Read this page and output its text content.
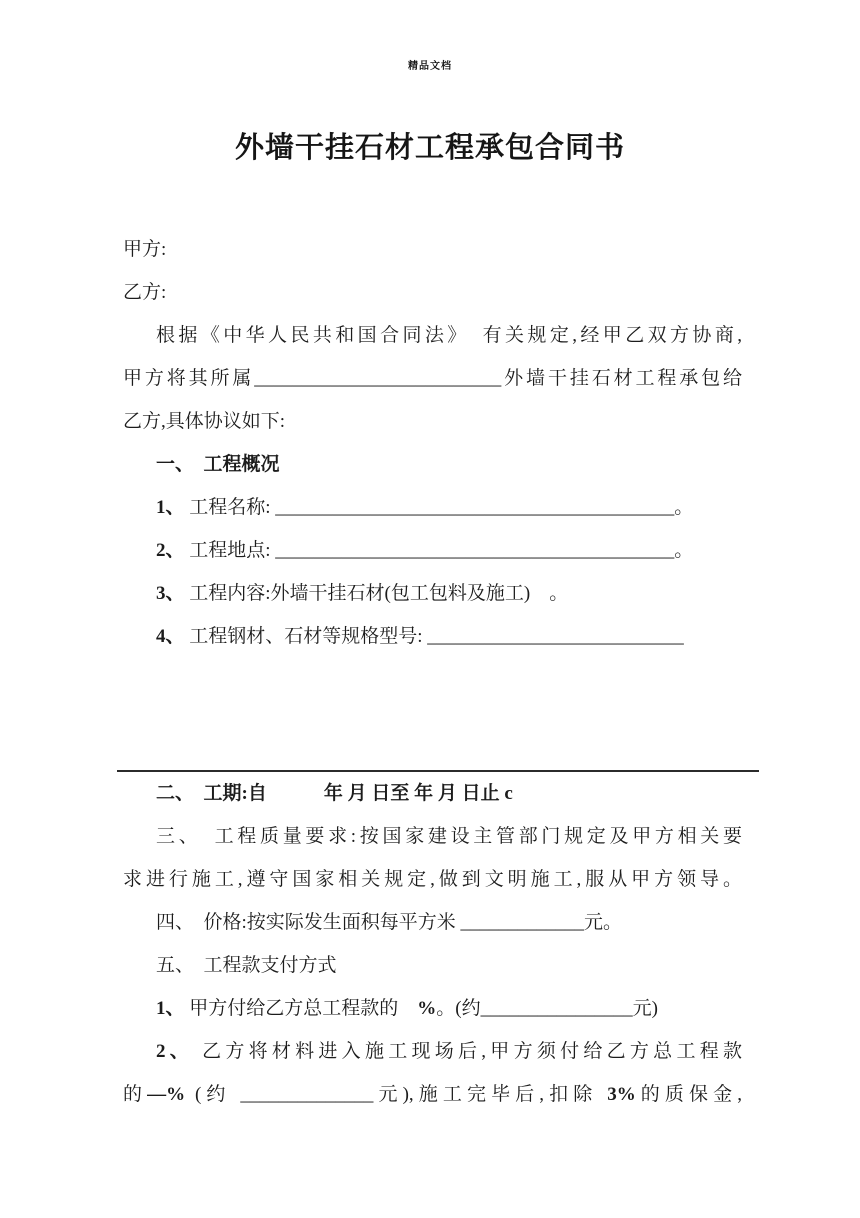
精品文档
外墙干挂石材工程承包合同书
甲方:
乙方:
根据《中华人民共和国合同法》　有关规定,经甲乙双方协商,
甲方将其所属__________________________外墙干挂石材工程承包给
乙方,具体协议如下:
一、　工程概况
1、 工程名称: __________________________________________。
2、 工程地点: __________________________________________。
3、 工程内容:外墙干挂石材(包工包料及施工)　。
4、 工程钢材、石材等规格型号: ___________________________
二、　工期:自　　　年 月 日至 年 月 日止 c
三、　工程质量要求:按国家建设主管部门规定及甲方相关要
求进行施工,遵守国家相关规定,做到文明施工,服从甲方领导。
四、　价格:按实际发生面积每平方米 _____________元。
五、　工程款支付方式
1、 甲方付给乙方总工程款的　%。(约________________元)
2、 乙方将材料进入施工现场后,甲方须付给乙方总工程款
的—% (约 ______________元),施工完毕后,扣除 3%的质保金,
